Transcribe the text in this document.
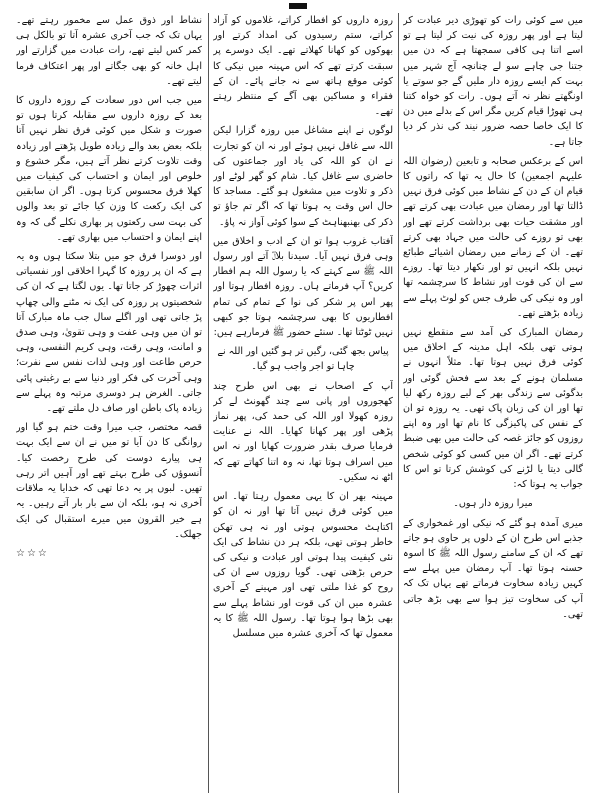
میں سے کوئی رات کو تھوڑی دیر عبادت کر لیتا ہے اور پھر روزہ کی نیت کر لیتا ہے تو اسے اتنا ہی کافی سمجھتا ہے کہ دن میں جتنا جی چاہے سو لے چنانچہ آج شہر میں بہت کم ایسے روزہ دار ملیں گے جو سوتے یا اونگھتے نظر نہ آتے ہوں۔ رات کو خواہ کتنا ہی تھوڑا قیام کریں مگر اس کے بدلے میں دن کا ایک خاصا حصہ ضرور نیند کی نذر کر دیا جاتا ہے۔

اس کے برعکس صحابہ و تابعین (رضوان اللہ علیہم اجمعین) کا حال یہ تھا کہ راتوں کا قیام ان کے دن کے نشاط میں کوئی فرق نہیں ڈالتا تھا اور رمضان میں عبادت بھی کرتے تھے اور مشقت حیات بھی برداشت کرتے تھے اور بھی تو روزے کی حالت میں جہاد بھی کرتے تھے۔ ان کے زمانے میں رمضان اشیائے طبائع نہیں بلکہ انہیں تو اور نکھار دیتا تھا۔ روزے سے ان کی قوت اور نشاط کا سرچشمہ تھا اور وہ نیکی کی طرف جس کو لوٹ پہلے سے زیادہ بڑھتے تھے۔

رمضان المبارک کی آمد سے منقطع نہیں ہوتی تھی بلکہ اہل مدینہ کے اخلاق میں کوئی فرق نہیں ہوتا تھا۔ مثلاً انہوں نے مسلمان ہونے کے بعد سے فحش گوئی اور بدگوئی سے زندگی بھر کے لیے روزہ رکھ لیا تھا اور ان کی زبان پاک تھی۔ یہ روزہ تو ان کے نفس کی پاکیزگی کا نام تھا اور وہ اپنے روزوں کو جائز غصہ کی حالت میں بھی ضبط کرتے تھے۔ اگر ان میں کسی کو کوئی شخص گالی دیتا یا لڑنے کی کوشش کرتا تو اس کا جواب یہ ہوتا کہ:

میرا روزہ دار ہوں۔

میری آمدہ ہو گئے کہ نیکی اور غمخواری کے جذبے اس طرح ان کے دلوں پر حاوی ہو جاتے تھے کہ ان کے سامنے رسول اللہ ﷺ کا اسوہ حسنہ ہوتا تھا۔ آپ رمضان میں پہلے سے کہیں زیادہ سخاوت فرماتے تھے یہاں تک کہ آپ کی سخاوت تیز ہوا سے بھی بڑھ جاتی تھی۔

روزہ داروں کو افطار کراتے، غلاموں کو آزاد کراتے، ستم رسیدوں کی امداد کرتے اور بھوکوں کو کھانا کھلاتے تھے۔ ایک دوسرے پر سبقت کرتے تھے کہ اس مہینہ میں نیکی کا کوئی موقع ہاتھ سے نہ جانے پائے۔ ان کے فقراء و مساکین بھی آگے کے منتظر رہتے تھے۔

لوگوں نے اپنے مشاغل میں روزہ گزارا لیکن اللہ سے غافل نہیں ہوئے اور نہ ان کو تجارت نے ان کو اللہ کی یاد اور جماعتوں کی حاضری سے غافل کیا۔ شام کو گھر لوٹے اور ذکر و تلاوت میں مشغول ہو گئے۔ مساجد کا حال اس وقت یہ ہوتا تھا کہ اگر تم جاؤ تو ذکر کی بھنبھناہٹ کے سوا کوئی آواز نہ پاؤ۔

آفتاب غروب ہوا تو ان کے ادب و اخلاق میں وہی فرق نہیں آیا۔ سیدنا بلالؓ آتے اور رسول اللہ ﷺ سے کہتے کہ یا رسول اللہ ہم افطار کریں؟ آپ فرماتے ہاں۔ روزہ افطار ہوتا اور پھر اس پر شکر کی نوا کے تمام کی تمام افطاریوں کا بھی سرچشمہ ہوتا جو کبھی نہیں ٹوٹتا تھا۔ سنئے حضور ﷺ فرمارہے ہیں:

پیاس بجھ گئی، رگیں تر ہو گئیں اور اللہ نے چاہا تو اجر واجب ہو گیا۔

آپ کے اصحاب نے بھی اس طرح چند کھجوروں اور پانی سے چند گھونٹ لے کر روزہ کھولا اور اللہ کی حمد کی، پھر نماز پڑھی اور پھر کھانا کھایا۔ اللہ نے عنایت فرمایا صرف بقدر ضرورت کھایا اور نہ اس میں اسراف ہوتا تھا، نہ وہ اتنا کھاتے تھے کہ اٹھ نہ سکیں۔

مہینہ بھر ان کا یہی معمول رہتا تھا۔ اس میں کوئی فرق نہیں آتا تھا اور نہ ان کو اکتاہٹ محسوس ہوتی اور نہ ہی تھکن خاطر ہوتی تھی، بلکہ ہر دن نشاط کی ایک نئی کیفیت پیدا ہوتی اور عبادت و نیکی کی حرص بڑھتی تھی۔ گویا روزوں سے ان کی روح کو غذا ملتی تھی اور مہینے کے آخری عشرہ میں ان کی قوت اور نشاط پہلے سے بھی بڑھا ہوا ہوتا تھا۔ رسول اللہ ﷺ کا یہ معمول تھا کہ آخری عشرہ میں مسلسل

نشاط اور ذوق عمل سے مخمور رہتے تھے۔ یہاں تک کہ جب آخری عشرہ آتا تو بالکل ہی کمر کس لیتے تھے، رات عبادت میں گزارتے اور اہل خانہ کو بھی جگاتے اور پھر اعتکاف فرما لیتے تھے۔

میں جب اس دور سعادت کے روزہ داروں کا بعد کے روزہ داروں سے مقابلہ کرتا ہوں تو صورت و شکل میں کوئی فرق نظر نہیں آتا بلکہ بعض بعد والے زیادہ طویل پڑھتے اور زیادہ وقت تلاوت کرتے نظر آتے ہیں، مگر خشوع و خلوص اور ایمان و احتساب کی کیفیات میں کھلا فرق محسوس کرتا ہوں۔ اگر ان سابقین کی ایک رکعت کا وزن کیا جائے تو بعد والوں کی بہت سی رکعتوں پر بھاری نکلے گی کہ وہ اپنے ایمان و احتساب میں بھاری تھے۔

اور دوسرا فرق جو میں بتلا سکتا ہوں وہ یہ ہے کہ ان پر روزہ کا گہرا اخلاقی اور نفسیاتی اثرات چھوڑ کر جاتا تھا۔ یوں لگتا ہے کہ ان کی شخصیتوں پر روزہ کی ایک نہ مٹنے والی چھاپ پڑ جاتی تھی اور اگلے سال جب ماہ مبارک آتا تو ان میں وہی عفت و وہی تقویٰ، وہی صدق و امانت، وہی رقت، وہی کریم النفسی، وہی حرص طاعت اور وہی لذات نفس سے نفرت؛ وہی آخرت کی فکر اور دنیا سے بے رغبتی پائی جاتی۔ الغرض ہر دوسری مرتبہ وہ پہلے سے زیادہ پاک باطن اور صاف دل ملتے تھے۔

قصہ مختصر، جب میرا وقت ختم ہو گیا اور روانگی کا دن آیا تو میں نے ان سے ایک بہت ہی پیارے دوست کی طرح رخصت کیا۔ آنسوؤں کی طرح بہتے تھے اور آہیں اتر رہی تھیں۔ لبوں پر یہ دعا تھی کہ خدایا یہ ملاقات آخری نہ ہو، بلکہ ان سے بار بار آتے رہیں۔ یہ ہے خیر القرون میں میرے استقبال کی ایک جھلک۔

☆☆☆
